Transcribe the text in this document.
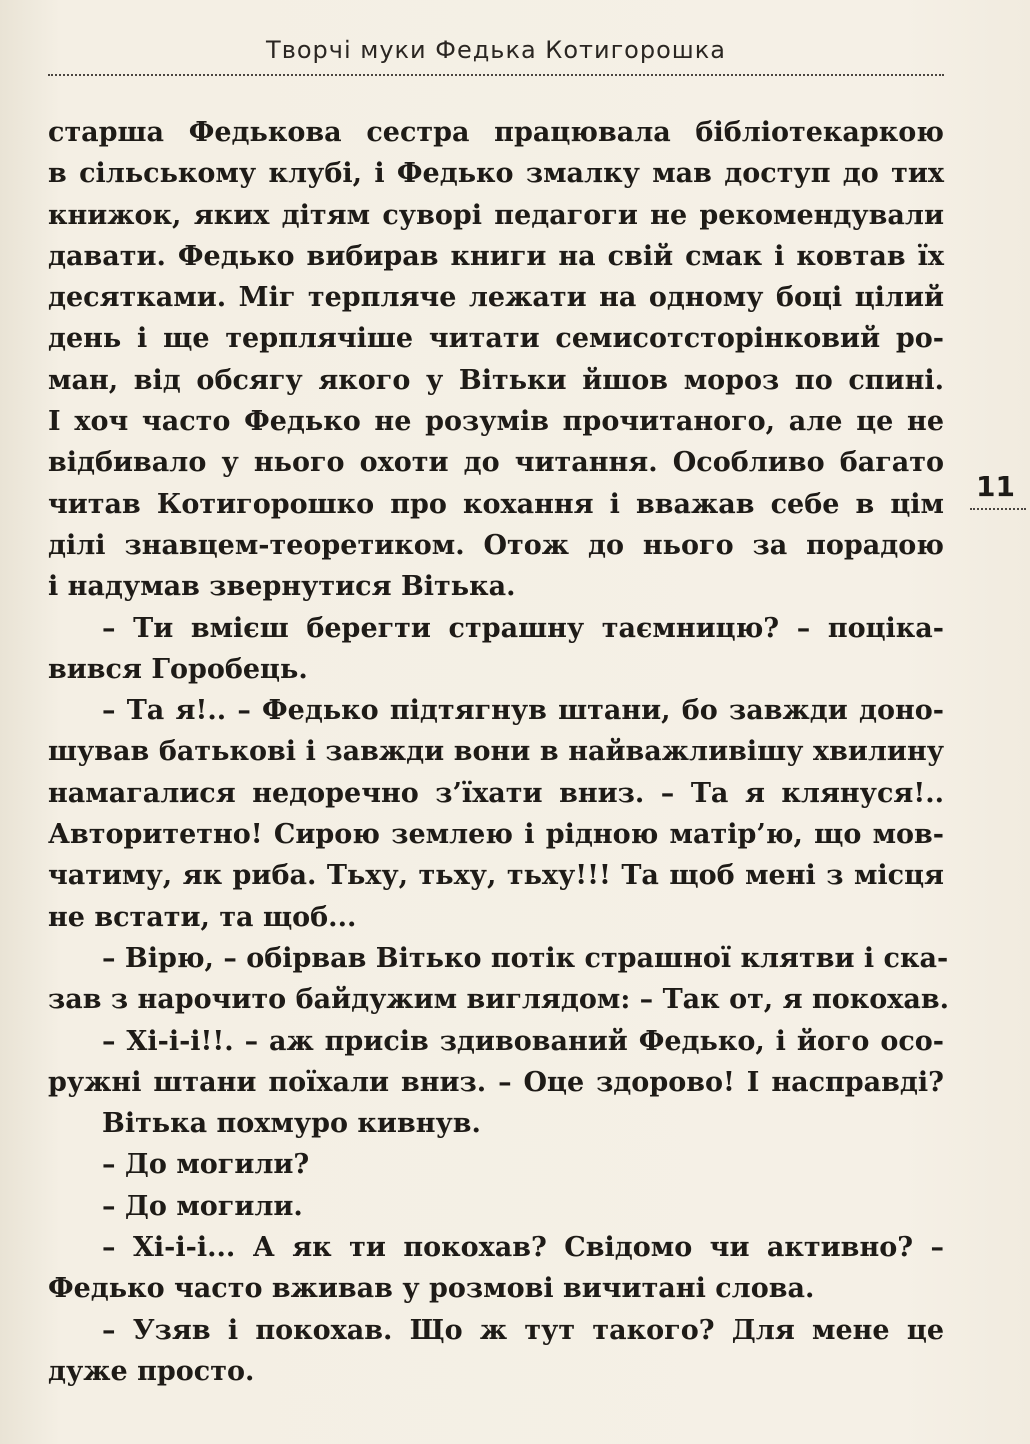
Творчі муки Федька Котигорошка
старша Федькова сестра працювала бібліотекаркою
в сільському клубі, і Федько змалку мав доступ до тих
книжок, яких дітям суворі педагоги не рекомендували
давати. Федько вибирав книги на свій смак і ковтав їх
десятками. Міг терпляче лежати на одному боці цілий
день і ще терплячіше читати семисотсторінковий ро-
ман, від обсягу якого у Вітьки йшов мороз по спині.
І хоч часто Федько не розумів прочитаного, але це не
відбивало у нього охоти до читання. Особливо багато
читав Котигорошко про кохання і вважав себе в цім
ділі знавцем-теоретиком. Отож до нього за порадою
і надумав звернутися Вітька.
– Ти вмієш берегти страшну таємницю? – поціка-
вився Горобець.
– Та я!.. – Федько підтягнув штани, бо завжди доно-
шував батькові і завжди вони в найважливішу хвилину
намагалися недоречно з’їхати вниз. – Та я клянуся!..
Авторитетно! Сирою землею і рідною матір’ю, що мов-
чатиму, як риба. Тьху, тьху, тьху!!! Та щоб мені з місця
не встати, та щоб...
– Вірю, – обірвав Вітько потік страшної клятви і ска-
зав з нарочито байдужим виглядом: – Так от, я покохав.
– Хі-і-і!!. – аж присів здивований Федько, і його осо-
ружні штани поїхали вниз. – Оце здорово! І насправді?
Вітька похмуро кивнув.
– До могили?
– До могили.
– Хі-і-і... А як ти покохав? Свідомо чи активно? –
Федько часто вживав у розмові вичитані слова.
– Узяв і покохав. Що ж тут такого? Для мене це
дуже просто.
11
